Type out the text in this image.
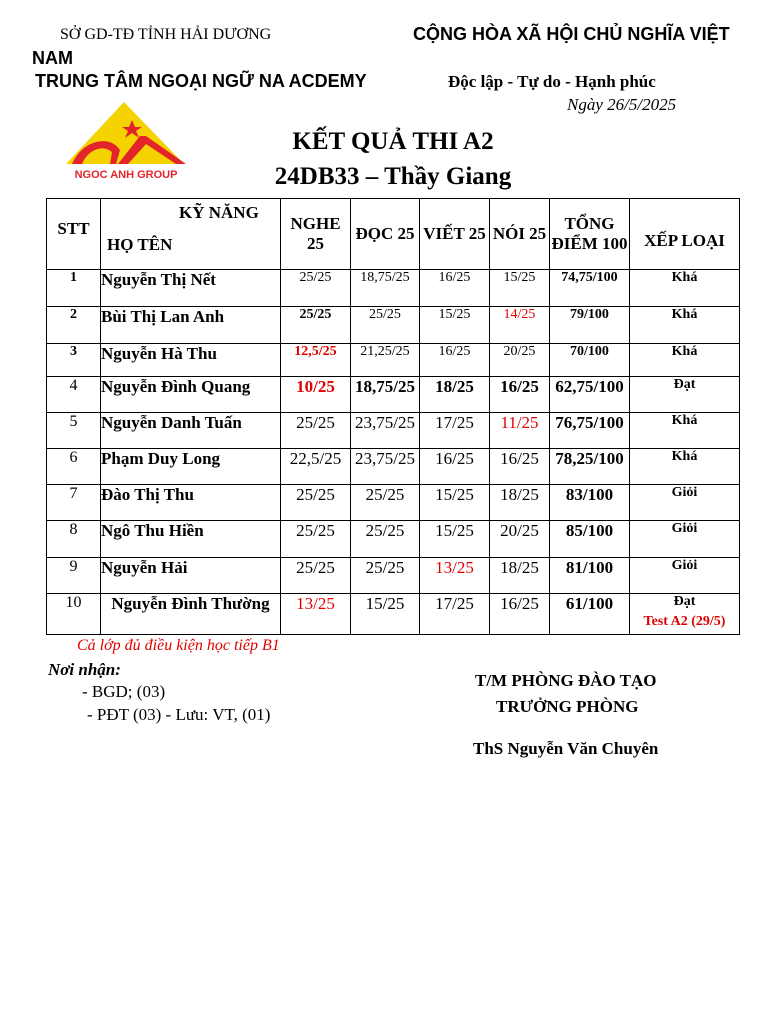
SỞ GD-TĐ TỈNH HẢI DƯƠNG	CỘNG HÒA XÃ HỘI CHỦ NGHĨA VIỆT
NAM
TRUNG TÂM NGOẠI NGỮ NA ACDEMY	Độc lập - Tự do - Hạnh phúc
Ngày 26/5/2025
NGOC ANH GROUP
KẾT QUẢ THI A2
24DB33 – Thầy Giang
STT	KỸ NĂNG
HỌ TÊN	NGHE 25	ĐỌC 25	VIẾT 25	NÓI 25	TỔNG ĐIỂM 100	XẾP LOẠI
1	Nguyễn Thị Nết	25/25	18,75/25	16/25	15/25	74,75/100	Khá
2	Bùi Thị Lan Anh	25/25	25/25	15/25	14/25	79/100	Khá
3	Nguyễn Hà Thu	12,5/25	21,25/25	16/25	20/25	70/100	Khá
4	Nguyễn Đình Quang	10/25	18,75/25	18/25	16/25	62,75/100	Đạt
5	Nguyễn Danh Tuấn	25/25	23,75/25	17/25	11/25	76,75/100	Khá
6	Phạm Duy Long	22,5/25	23,75/25	16/25	16/25	78,25/100	Khá
7	Đào Thị Thu	25/25	25/25	15/25	18/25	83/100	Giỏi
8	Ngô Thu Hiền	25/25	25/25	15/25	20/25	85/100	Giỏi
9	Nguyễn Hải	25/25	25/25	13/25	18/25	81/100	Giỏi
10	Nguyễn Đình Thường	13/25	15/25	17/25	16/25	61/100	Đạt
Test A2 (29/5)
Cả lớp đủ điều kiện học tiếp B1
Nơi nhận:
- BGD; (03)
- PĐT (03) - Lưu: VT, (01)
T/M PHÒNG ĐÀO TẠO
TRƯỞNG PHÒNG
ThS Nguyễn Văn Chuyên
